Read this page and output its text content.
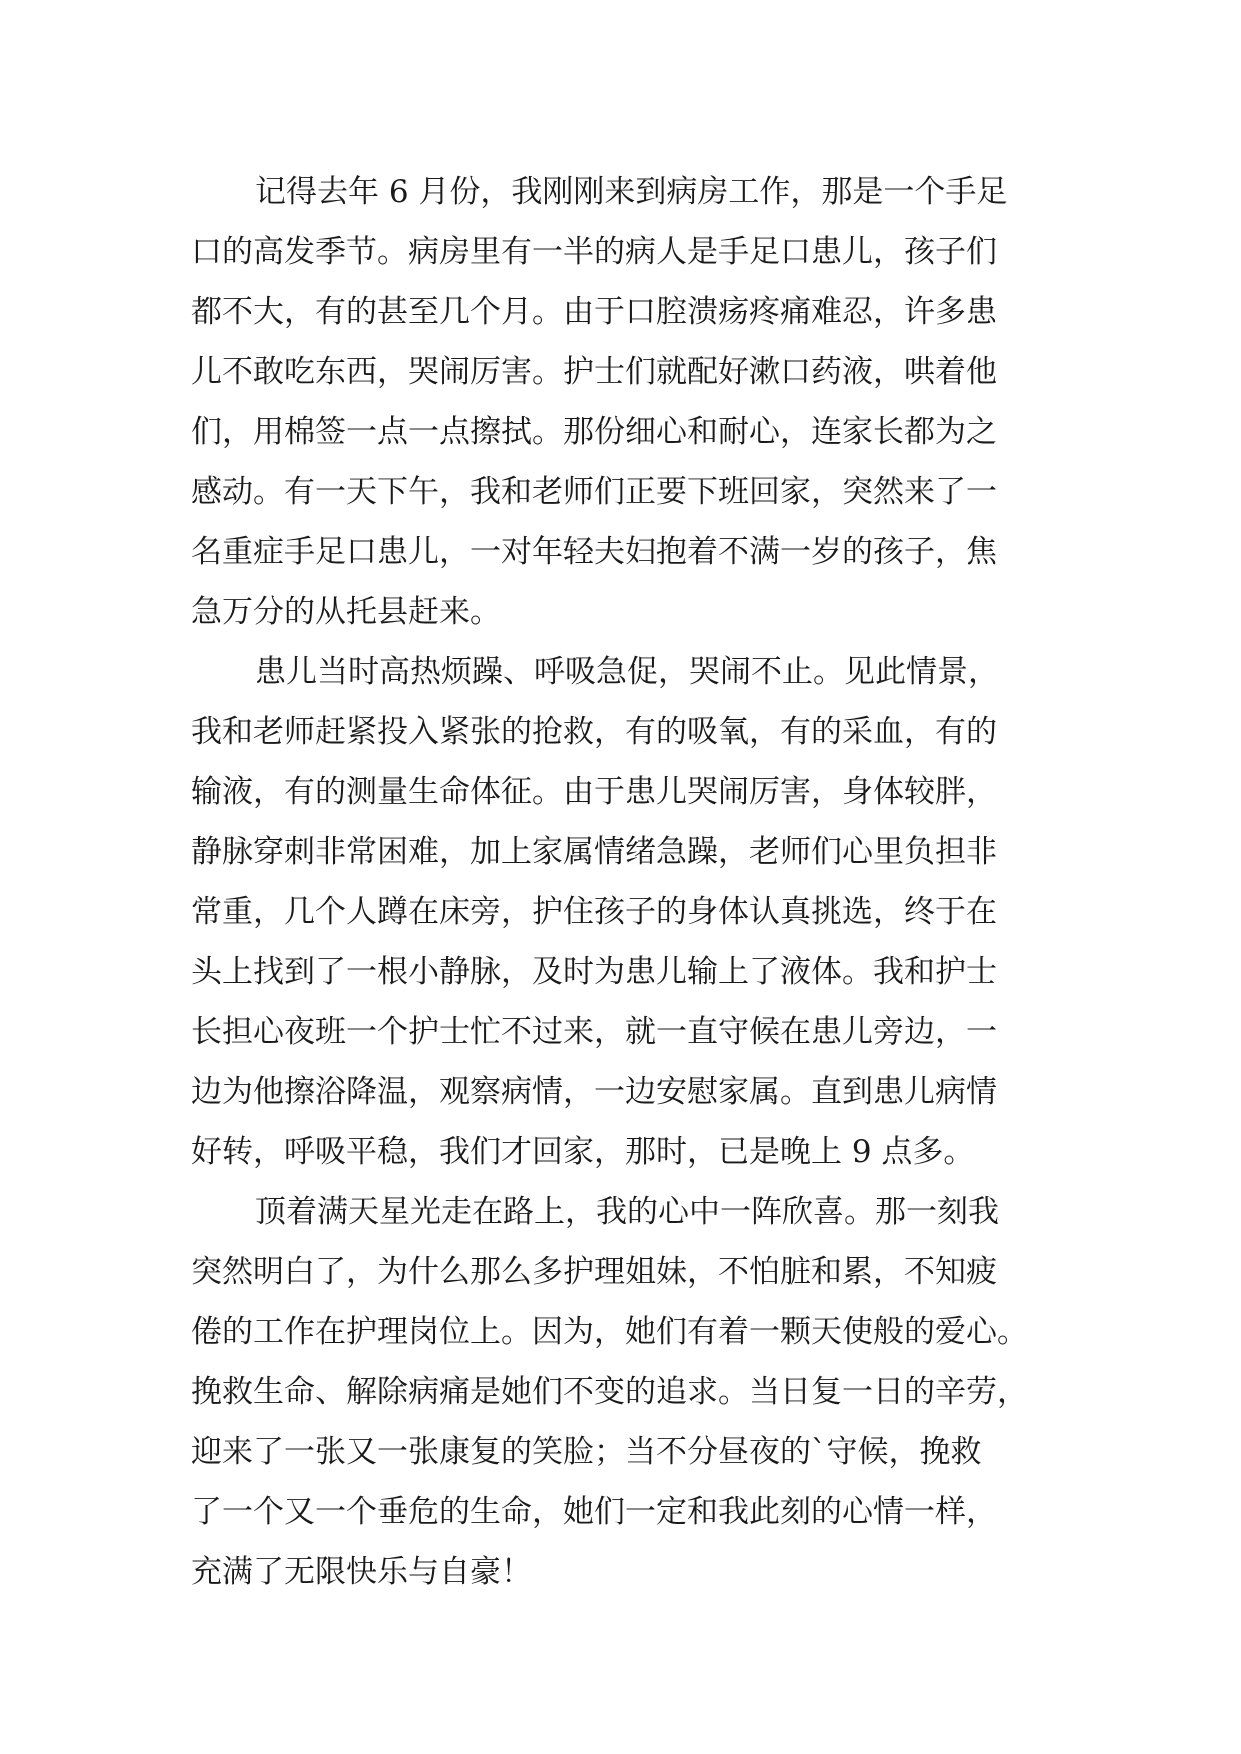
记得去年 6 月份，我刚刚来到病房工作，那是一个手足
口的高发季节。病房里有一半的病人是手足口患儿，孩子们
都不大，有的甚至几个月。由于口腔溃疡疼痛难忍，许多患
儿不敢吃东西，哭闹厉害。护士们就配好漱口药液，哄着他
们，用棉签一点一点擦拭。那份细心和耐心，连家长都为之
感动。有一天下午，我和老师们正要下班回家，突然来了一
名重症手足口患儿，一对年轻夫妇抱着不满一岁的孩子，焦
急万分的从托县赶来。
患儿当时高热烦躁、呼吸急促，哭闹不止。见此情景，
我和老师赶紧投入紧张的抢救，有的吸氧，有的采血，有的
输液，有的测量生命体征。由于患儿哭闹厉害，身体较胖，
静脉穿刺非常困难，加上家属情绪急躁，老师们心里负担非
常重，几个人蹲在床旁，护住孩子的身体认真挑选，终于在
头上找到了一根小静脉，及时为患儿输上了液体。我和护士
长担心夜班一个护士忙不过来，就一直守候在患儿旁边，一
边为他擦浴降温，观察病情，一边安慰家属。直到患儿病情
好转，呼吸平稳，我们才回家，那时，已是晚上 9 点多。
顶着满天星光走在路上，我的心中一阵欣喜。那一刻我
突然明白了，为什么那么多护理姐妹，不怕脏和累，不知疲
倦的工作在护理岗位上。因为，她们有着一颗天使般的爱心。
挽救生命、解除病痛是她们不变的追求。当日复一日的辛劳，
迎来了一张又一张康复的笑脸；当不分昼夜的`守候，挽救
了一个又一个垂危的生命，她们一定和我此刻的心情一样，
充满了无限快乐与自豪！
